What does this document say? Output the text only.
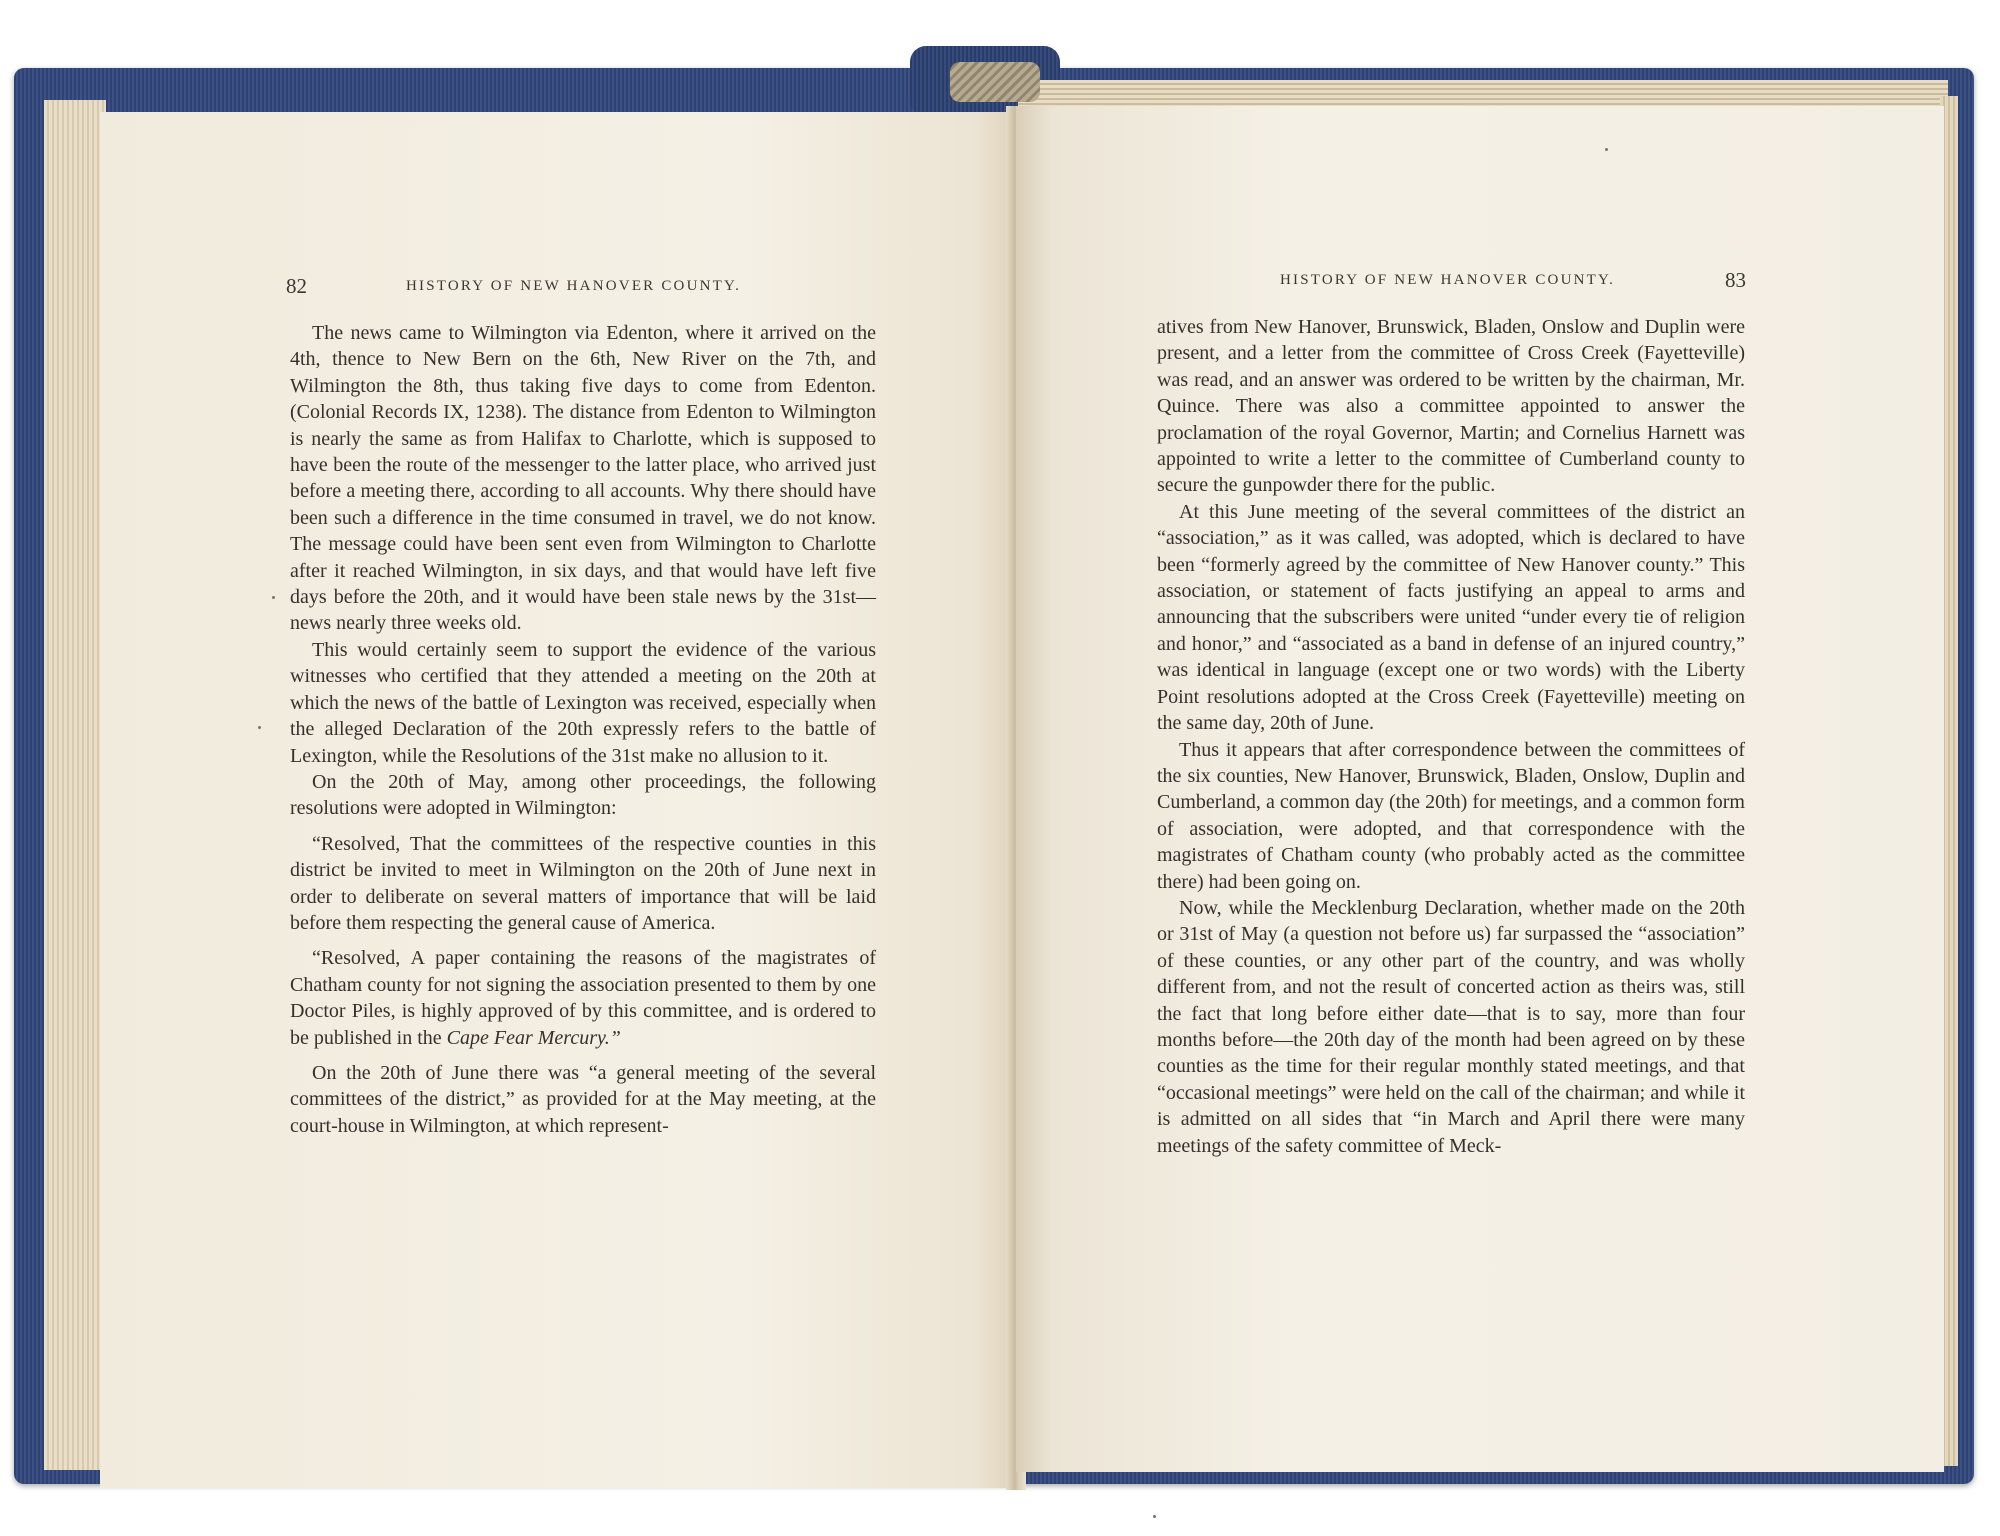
82	HISTORY OF NEW HANOVER COUNTY.

The news came to Wilmington via Edenton, where it arrived on the 4th, thence to New Bern on the 6th, New River on the 7th, and Wilmington the 8th, thus taking five days to come from Edenton. (Colonial Records IX, 1238). The distance from Edenton to Wilmington is nearly the same as from Halifax to Charlotte, which is supposed to have been the route of the messenger to the latter place, who arrived just before a meeting there, according to all accounts. Why there should have been such a difference in the time consumed in travel, we do not know. The message could have been sent even from Wilmington to Charlotte after it reached Wilmington, in six days, and that would have left five days before the 20th, and it would have been stale news by the 31st—news nearly three weeks old.

This would certainly seem to support the evidence of the various witnesses who certified that they attended a meeting on the 20th at which the news of the battle of Lexington was received, especially when the alleged Declaration of the 20th expressly refers to the battle of Lexington, while the Resolutions of the 31st make no allusion to it.

On the 20th of May, among other proceedings, the following resolutions were adopted in Wilmington:

“Resolved, That the committees of the respective counties in this district be invited to meet in Wilmington on the 20th of June next in order to deliberate on several matters of importance that will be laid before them respecting the general cause of America.

“Resolved, A paper containing the reasons of the magistrates of Chatham county for not signing the association presented to them by one Doctor Piles, is highly approved of by this committee, and is ordered to be published in the Cape Fear Mercury.”

On the 20th of June there was “a general meeting of the several committees of the district,” as provided for at the May meeting, at the court-house in Wilmington, at which represent-

HISTORY OF NEW HANOVER COUNTY.	83

atives from New Hanover, Brunswick, Bladen, Onslow and Duplin were present, and a letter from the committee of Cross Creek (Fayetteville) was read, and an answer was ordered to be written by the chairman, Mr. Quince. There was also a committee appointed to answer the proclamation of the royal Governor, Martin; and Cornelius Harnett was appointed to write a letter to the committee of Cumberland county to secure the gunpowder there for the public.

At this June meeting of the several committees of the district an “association,” as it was called, was adopted, which is declared to have been “formerly agreed by the committee of New Hanover county.” This association, or statement of facts justifying an appeal to arms and announcing that the subscribers were united “under every tie of religion and honor,” and “associated as a band in defense of an injured country,” was identical in language (except one or two words) with the Liberty Point resolutions adopted at the Cross Creek (Fayetteville) meeting on the same day, 20th of June.

Thus it appears that after correspondence between the committees of the six counties, New Hanover, Brunswick, Bladen, Onslow, Duplin and Cumberland, a common day (the 20th) for meetings, and a common form of association, were adopted, and that correspondence with the magistrates of Chatham county (who probably acted as the committee there) had been going on.

Now, while the Mecklenburg Declaration, whether made on the 20th or 31st of May (a question not before us) far surpassed the “association” of these counties, or any other part of the country, and was wholly different from, and not the result of concerted action as theirs was, still the fact that long before either date—that is to say, more than four months before—the 20th day of the month had been agreed on by these counties as the time for their regular monthly stated meetings, and that “occasional meetings” were held on the call of the chairman; and while it is admitted on all sides that “in March and April there were many meetings of the safety committee of Meck-
